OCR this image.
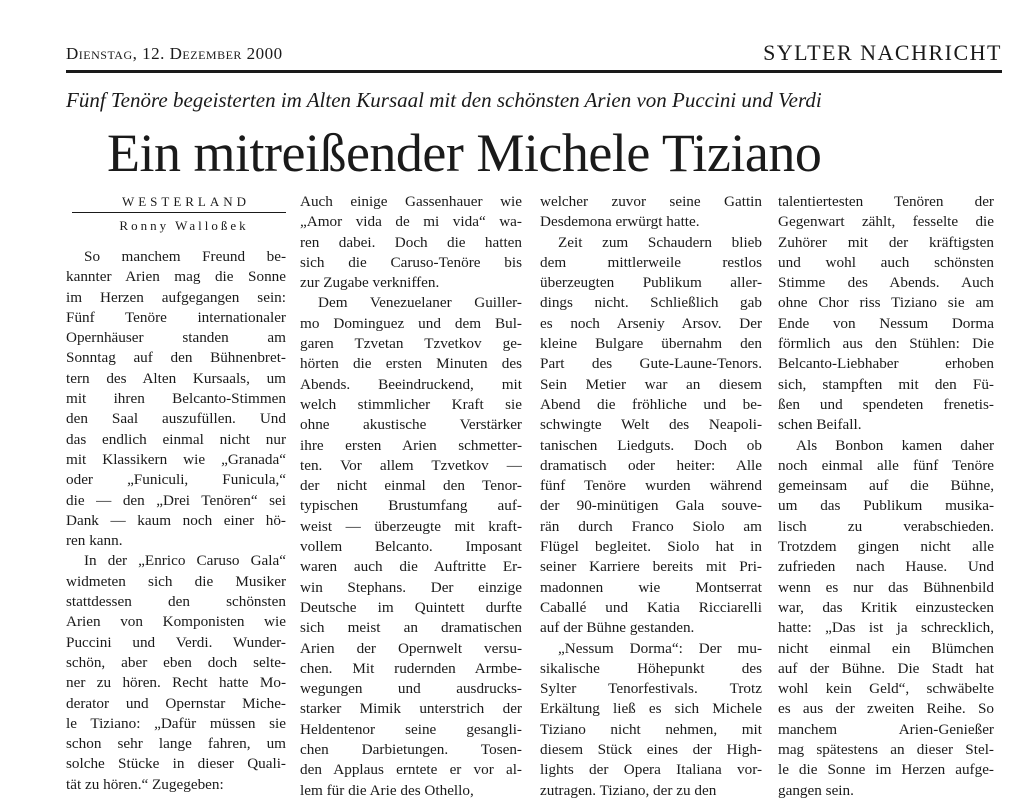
Dienstag, 12. Dezember 2000	SYLTER NACHRICHT
Fünf Tenöre begeisterten im Alten Kursaal mit den schönsten Arien von Puccini und Verdi
Ein mitreißender Michele Tiziano
WESTERLAND
Ronny Walloßek
So manchem Freund be-
kannter Arien mag die Sonne
im Herzen aufgegangen sein:
Fünf Tenöre internationaler
Opernhäuser standen am
Sonntag auf den Bühnenbret-
tern des Alten Kursaals, um
mit ihren Belcanto-Stimmen
den Saal auszufüllen. Und
das endlich einmal nicht nur
mit Klassikern wie „Granada“
oder „Funiculi, Funicula,“
die — den „Drei Tenören“ sei
Dank — kaum noch einer hö-
ren kann.
In der „Enrico Caruso Gala“
widmeten sich die Musiker
stattdessen den schönsten
Arien von Komponisten wie
Puccini und Verdi. Wunder-
schön, aber eben doch selte-
ner zu hören. Recht hatte Mo-
derator und Opernstar Miche-
le Tiziano: „Dafür müssen sie
schon sehr lange fahren, um
solche Stücke in dieser Quali-
tät zu hören.“ Zugegeben:
Auch einige Gassenhauer wie
„Amor vida de mi vida“ wa-
ren dabei. Doch die hatten
sich die Caruso-Tenöre bis
zur Zugabe verkniffen.
Dem Venezuelaner Guiller-
mo Dominguez und dem Bul-
garen Tzvetan Tzvetkov ge-
hörten die ersten Minuten des
Abends. Beeindruckend, mit
welch stimmlicher Kraft sie
ohne akustische Verstärker
ihre ersten Arien schmetter-
ten. Vor allem Tzvetkov —
der nicht einmal den Tenor-
typischen Brustumfang auf-
weist — überzeugte mit kraft-
vollem Belcanto. Imposant
waren auch die Auftritte Er-
win Stephans. Der einzige
Deutsche im Quintett durfte
sich meist an dramatischen
Arien der Opernwelt versu-
chen. Mit rudernden Armbe-
wegungen und ausdrucks-
starker Mimik unterstrich der
Heldentenor seine gesangli-
chen Darbietungen. Tosen-
den Applaus erntete er vor al-
lem für die Arie des Othello,
welcher zuvor seine Gattin
Desdemona erwürgt hatte.
Zeit zum Schaudern blieb
dem mittlerweile restlos
überzeugten Publikum aller-
dings nicht. Schließlich gab
es noch Arseniy Arsov. Der
kleine Bulgare übernahm den
Part des Gute-Laune-Tenors.
Sein Metier war an diesem
Abend die fröhliche und be-
schwingte Welt des Neapoli-
tanischen Liedguts. Doch ob
dramatisch oder heiter: Alle
fünf Tenöre wurden während
der 90-minütigen Gala souve-
rän durch Franco Siolo am
Flügel begleitet. Siolo hat in
seiner Karriere bereits mit Pri-
madonnen wie Montserrat
Caballé und Katia Ricciarelli
auf der Bühne gestanden.
„Nessum Dorma“: Der mu-
sikalische Höhepunkt des
Sylter Tenorfestivals. Trotz
Erkältung ließ es sich Michele
Tiziano nicht nehmen, mit
diesem Stück eines der High-
lights der Opera Italiana vor-
zutragen. Tiziano, der zu den
talentiertesten Tenören der
Gegenwart zählt, fesselte die
Zuhörer mit der kräftigsten
und wohl auch schönsten
Stimme des Abends. Auch
ohne Chor riss Tiziano sie am
Ende von Nessum Dorma
förmlich aus den Stühlen: Die
Belcanto-Liebhaber erhoben
sich, stampften mit den Fü-
ßen und spendeten frenetis-
schen Beifall.
Als Bonbon kamen daher
noch einmal alle fünf Tenöre
gemeinsam auf die Bühne,
um das Publikum musika-
lisch zu verabschieden.
Trotzdem gingen nicht alle
zufrieden nach Hause. Und
wenn es nur das Bühnenbild
war, das Kritik einzustecken
hatte: „Das ist ja schrecklich,
nicht einmal ein Blümchen
auf der Bühne. Die Stadt hat
wohl kein Geld“, schwäbelte
es aus der zweiten Reihe. So
manchem Arien-Genießer
mag spätestens an dieser Stel-
le die Sonne im Herzen aufge-
gangen sein.
